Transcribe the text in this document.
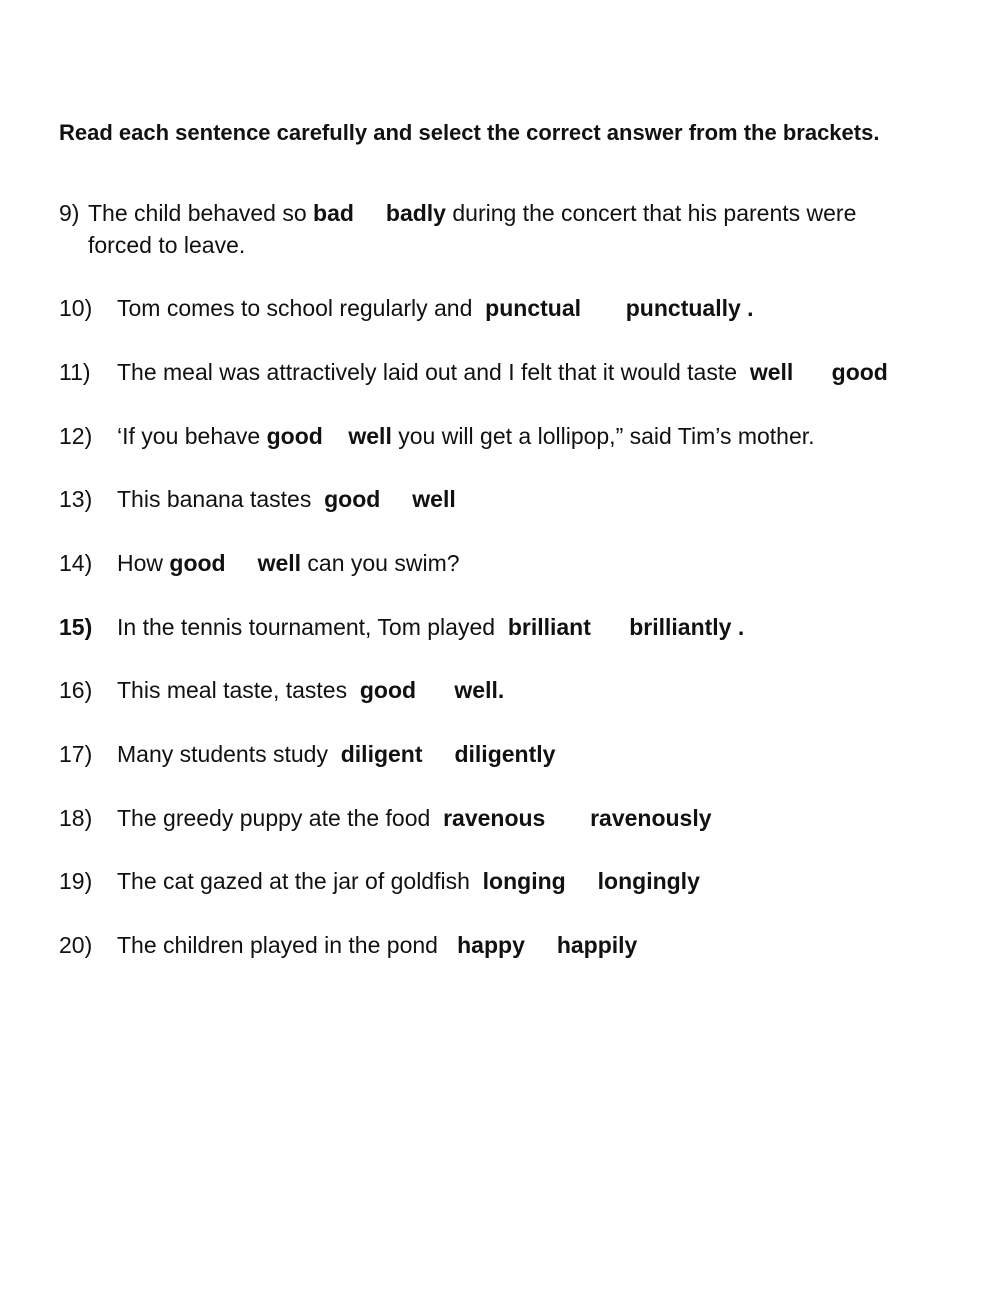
Read each sentence carefully and select the correct answer from the brackets.
9) The child behaved so bad badly during the concert that his parents were
forced to leave.
10) Tom comes to school regularly and  punctual punctually .
11) The meal was attractively laid out and I felt that it would taste  well good
12) ‘If you behave good well you will get a lollipop,” said Tim’s mother.
13) This banana tastes  good well
14) How good well can you swim?
15) In the tennis tournament, Tom played  brilliant brilliantly .
16) This meal taste, tastes  good well.
17) Many students study  diligent diligently
18) The greedy puppy ate the food  ravenous ravenously
19) The cat gazed at the jar of goldfish  longing longingly
20) The children played in the pond   happy happily
